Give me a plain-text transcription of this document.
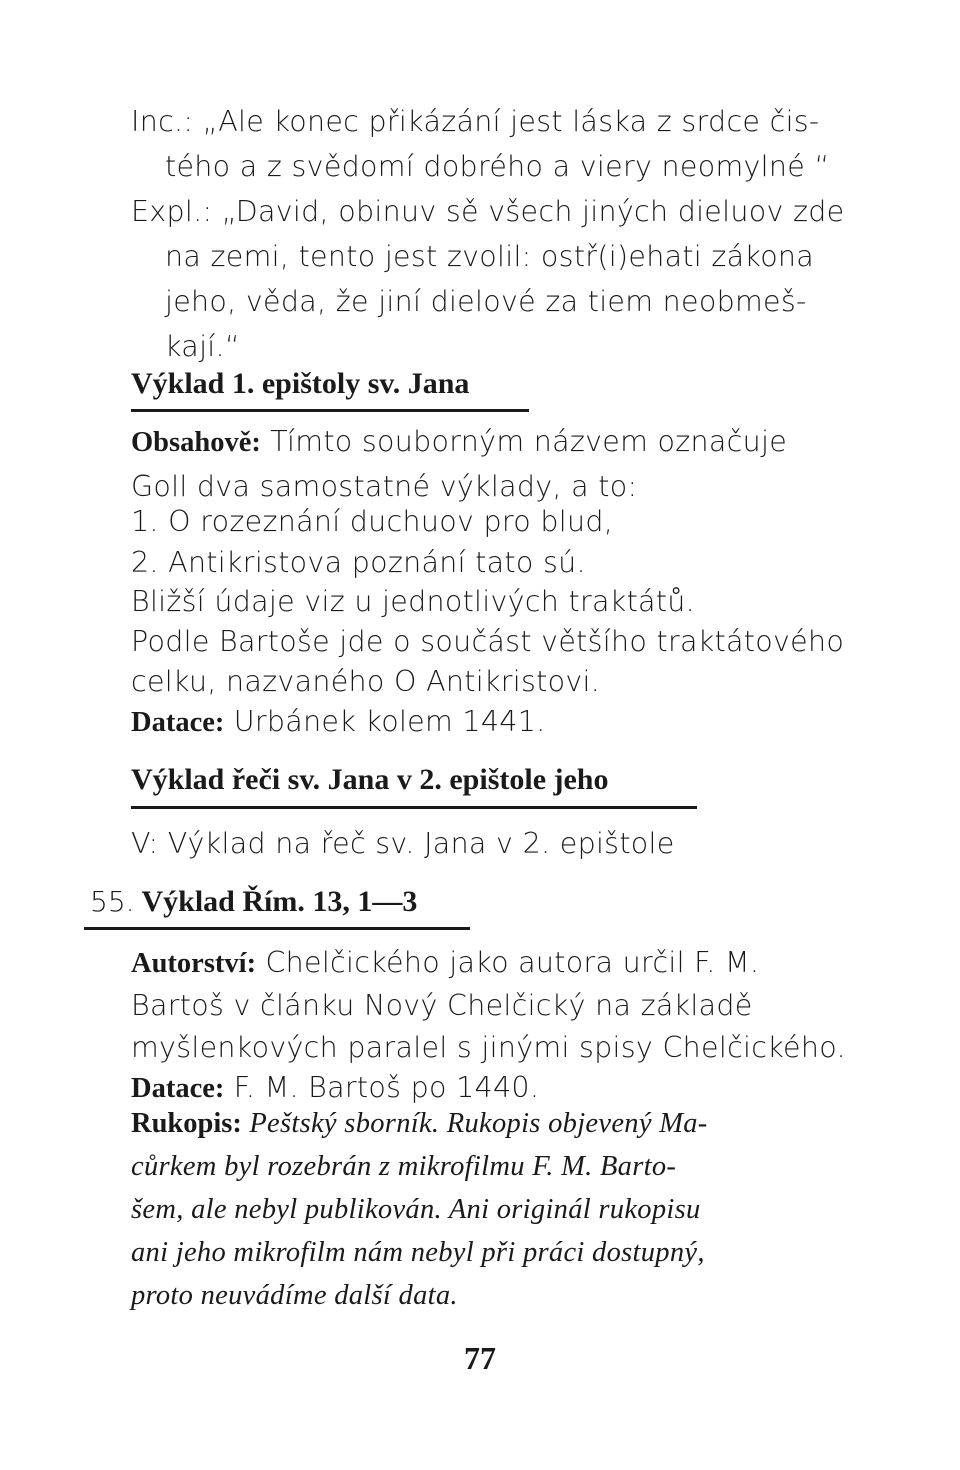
Inc.: „Ale konec přikázání jest láska z srdce čis-
tého a z svědomí dobrého a viery neomylné “
Expl.: „David, obinuv sě všech jiných dieluov zde
na zemi, tento jest zvolil: ostř(i)ehati zákona
jeho, věda, že jiní dielové za tiem neobmeš-
kají.“
Výklad 1. epištoly sv. Jana
Obsahově: Tímto souborným názvem označuje
Goll dva samostatné výklady, a to:
1. O rozeznání duchuov pro blud,
2. Antikristova poznání tato sú.
Bližší údaje viz u jednotlivých traktátů.
Podle Bartoše jde o součást většího traktátového
celku, nazvaného O Antikristovi.
Datace: Urbánek kolem 1441.
Výklad řeči sv. Jana v 2. epištole jeho
V: Výklad na řeč sv. Jana v 2. epištole
55. Výklad Řím. 13, 1—3
Autorství: Chelčického jako autora určil F. M.
Bartoš v článku Nový Chelčický na základě
myšlenkových paralel s jinými spisy Chelčického.
Datace: F. M. Bartoš po 1440.
Rukopis: Peštský sborník. Rukopis objevený Ma-
cůrkem byl rozebrán z mikrofilmu F. M. Barto-
šem, ale nebyl publikován. Ani originál rukopisu
ani jeho mikrofilm nám nebyl při práci dostupný,
proto neuvádíme další data.
77
